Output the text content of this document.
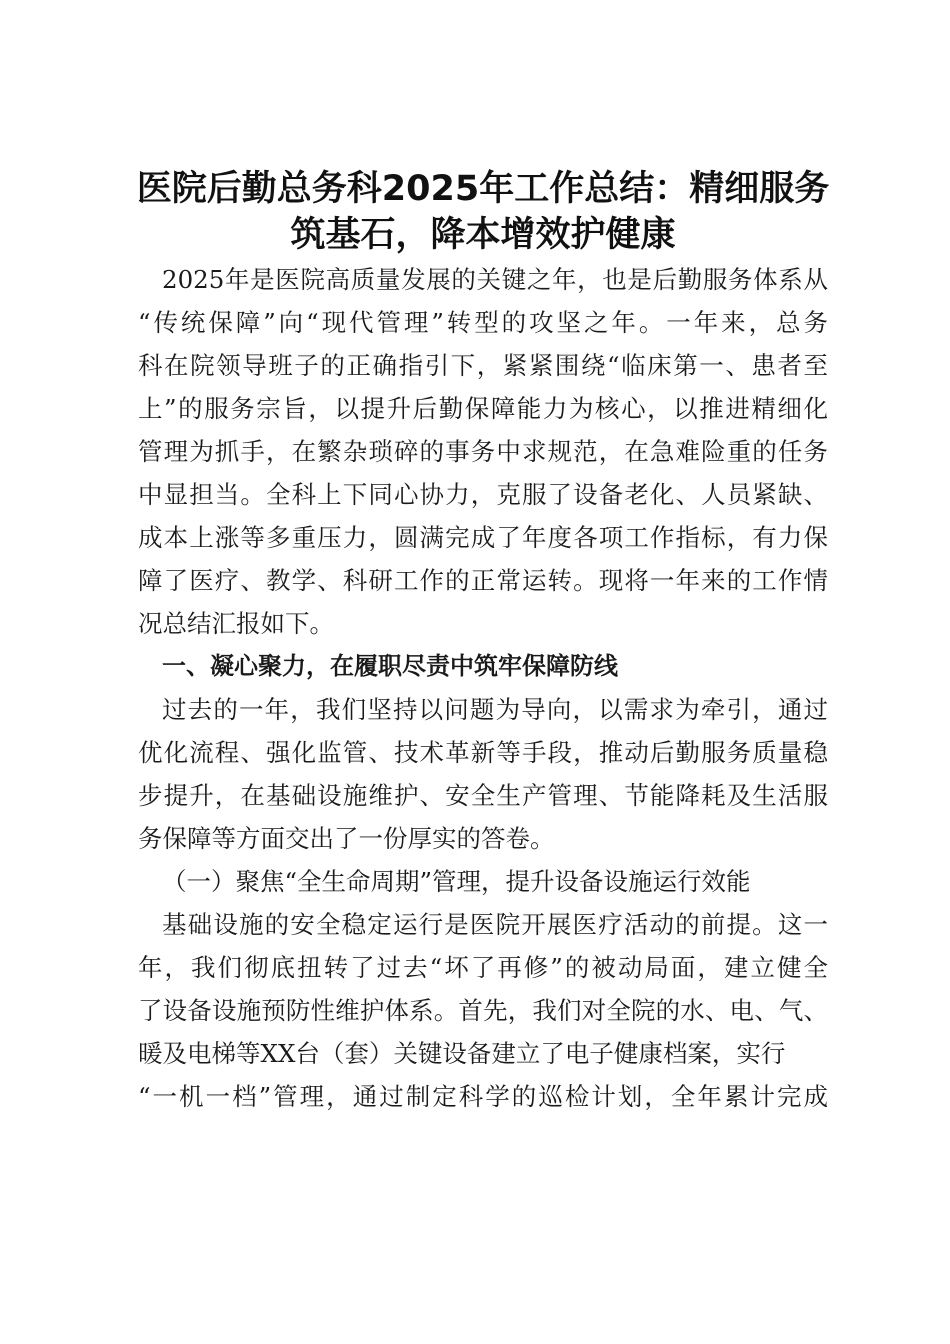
医院后勤总务科2025年工作总结：精细服务
筑基石，降本增效护健康
2025年是医院高质量发展的关键之年，也是后勤服务体系从
“传统保障”向“现代管理”转型的攻坚之年。一年来，总务
科在院领导班子的正确指引下，紧紧围绕“临床第一、患者至
上”的服务宗旨，以提升后勤保障能力为核心，以推进精细化
管理为抓手，在繁杂琐碎的事务中求规范，在急难险重的任务
中显担当。全科上下同心协力，克服了设备老化、人员紧缺、
成本上涨等多重压力，圆满完成了年度各项工作指标，有力保
障了医疗、教学、科研工作的正常运转。现将一年来的工作情
况总结汇报如下。
一、凝心聚力，在履职尽责中筑牢保障防线
过去的一年，我们坚持以问题为导向，以需求为牵引，通过
优化流程、强化监管、技术革新等手段，推动后勤服务质量稳
步提升，在基础设施维护、安全生产管理、节能降耗及生活服
务保障等方面交出了一份厚实的答卷。
（一）聚焦“全生命周期”管理，提升设备设施运行效能
基础设施的安全稳定运行是医院开展医疗活动的前提。这一
年，我们彻底扭转了过去“坏了再修”的被动局面，建立健全
了设备设施预防性维护体系。首先，我们对全院的水、电、气、
暖及电梯等XX台（套）关键设备建立了电子健康档案，实行
“一机一档”管理，通过制定科学的巡检计划，全年累计完成
